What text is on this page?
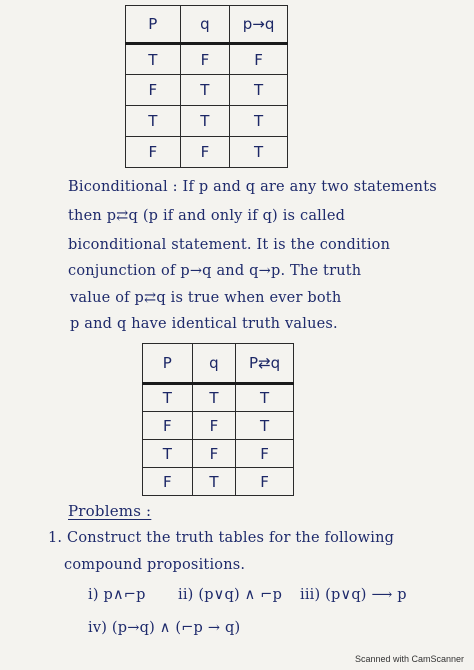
P	q	p→q
T	F	F
F	T	T
T	T	T
F	F	T
Biconditional : If p and q are any two statements
then p⇄q (p if and only if q) is called
biconditional statement. It is the condition
conjunction of p→q and q→p. The truth
value of p⇄q is true when ever both
p and q have identical truth values.
P	q	P⇄q
T	T	T
F	F	T
T	F	F
F	T	F
Problems :
1. Construct the truth tables for the following
compound propositions.
i) p∧⌐p ii) (p∨q) ∧ ⌐p iii) (p∨q) ⟶ p
iv) (p→q) ∧ (⌐p → q)
Scanned with CamScanner
